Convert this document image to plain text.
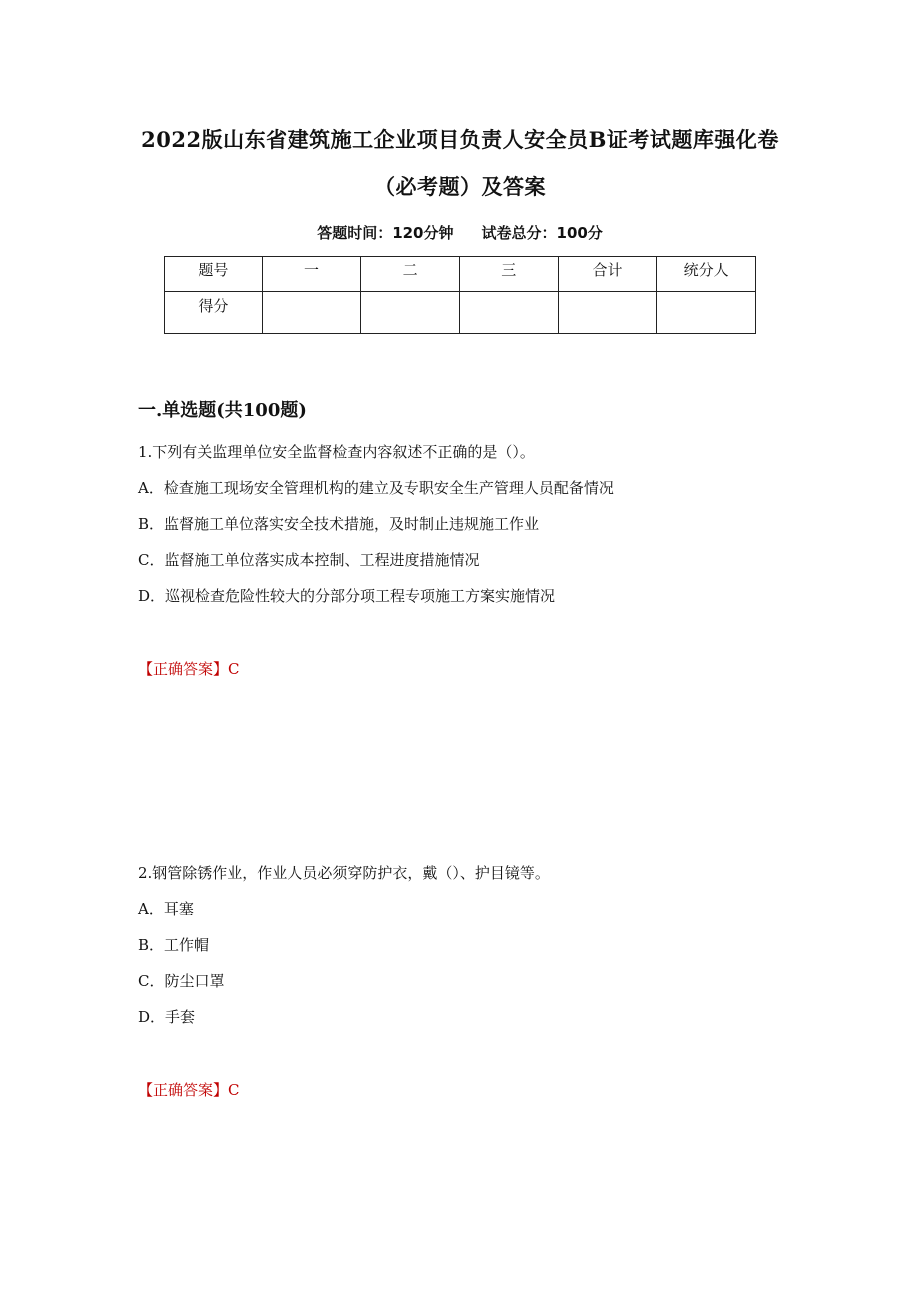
2022版山东省建筑施工企业项目负责人安全员B证考试题库强化卷
（必考题）及答案
答题时间：120分钟 试卷总分：100分
题号	一	二	三	合计	统分人
得分					
一.单选题(共100题)
1.下列有关监理单位安全监督检查内容叙述不正确的是（）。
A．检查施工现场安全管理机构的建立及专职安全生产管理人员配备情况
B．监督施工单位落实安全技术措施，及时制止违规施工作业
C．监督施工单位落实成本控制、工程进度措施情况
D．巡视检查危险性较大的分部分项工程专项施工方案实施情况
【正确答案】C
2.钢管除锈作业，作业人员必须穿防护衣，戴（）、护目镜等。
A．耳塞
B．工作帽
C．防尘口罩
D．手套
【正确答案】C
